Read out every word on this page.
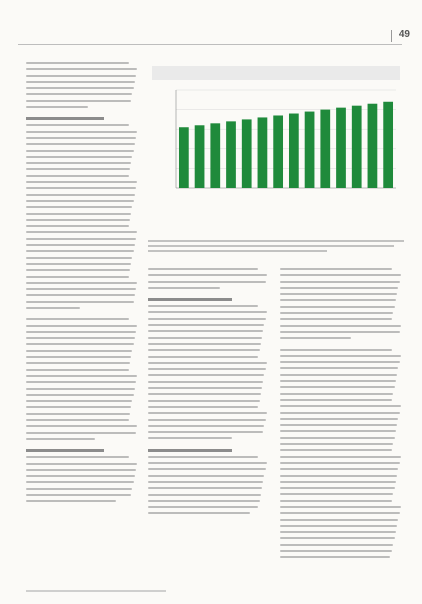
49
